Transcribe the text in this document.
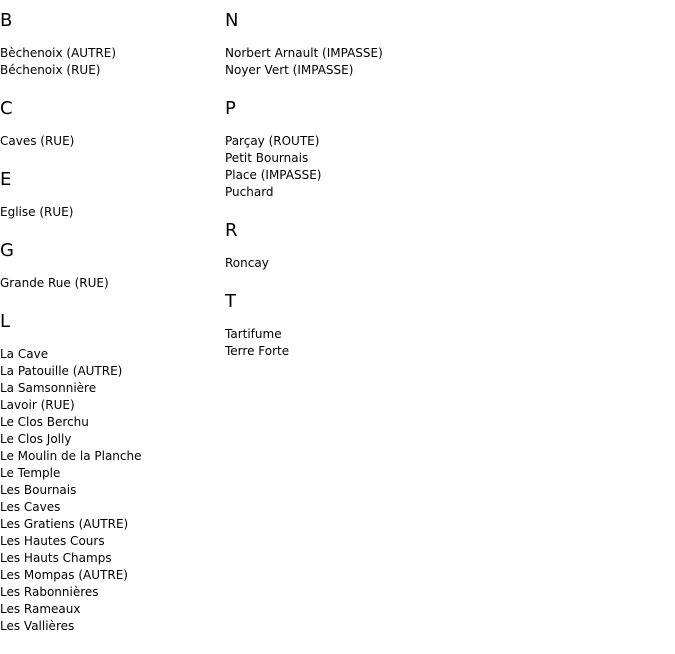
B
Bèchenoix (AUTRE)
Béchenoix (RUE)
C
Caves (RUE)
E
Eglise (RUE)
G
Grande Rue (RUE)
L
La Cave
La Patouille (AUTRE)
La Samsonnière
Lavoir (RUE)
Le Clos Berchu
Le Clos Jolly
Le Moulin de la Planche
Le Temple
Les Bournais
Les Caves
Les Gratiens (AUTRE)
Les Hautes Cours
Les Hauts Champs
Les Mompas (AUTRE)
Les Rabonnières
Les Rameaux
Les Vallières
N
Norbert Arnault (IMPASSE)
Noyer Vert (IMPASSE)
P
Parçay (ROUTE)
Petit Bournais
Place (IMPASSE)
Puchard
R
Roncay
T
Tartifume
Terre Forte
